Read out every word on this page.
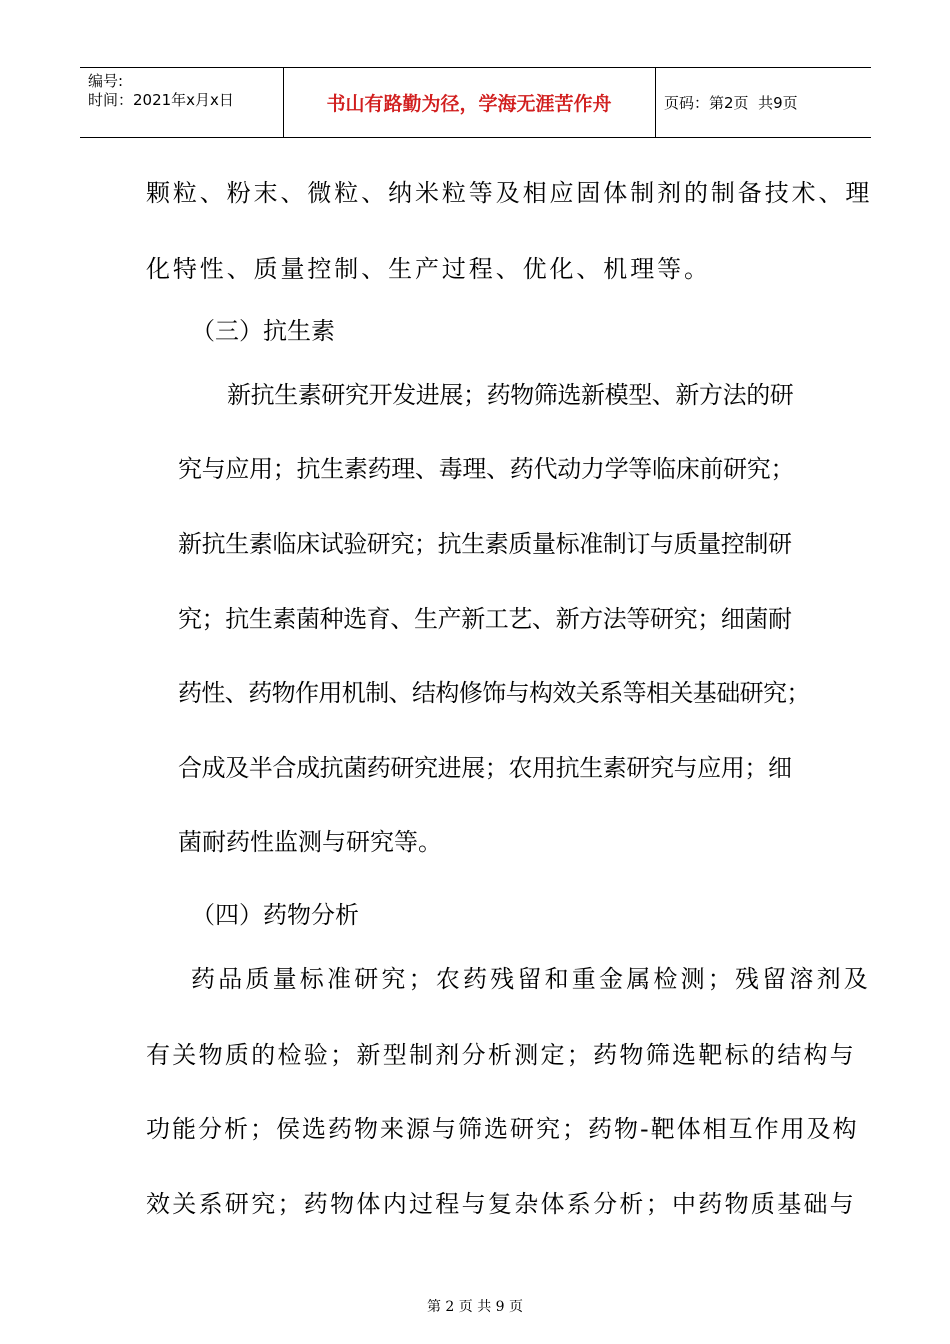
编号:
时间：2021年x月x日	书山有路勤为径，学海无涯苦作舟	页码：第2页  共9页
颗粒、粉末、微粒、纳米粒等及相应固体制剂的制备技术、理
化特性、质量控制、生产过程、优化、机理等。
（三）抗生素
新抗生素研究开发进展；药物筛选新模型、新方法的研
究与应用；抗生素药理、毒理、药代动力学等临床前研究；
新抗生素临床试验研究；抗生素质量标准制订与质量控制研
究；抗生素菌种选育、生产新工艺、新方法等研究；细菌耐
药性、药物作用机制、结构修饰与构效关系等相关基础研究；
合成及半合成抗菌药研究进展；农用抗生素研究与应用；细
菌耐药性监测与研究等。
（四）药物分析
药品质量标准研究；农药残留和重金属检测；残留溶剂及
有关物质的检验；新型制剂分析测定；药物筛选靶标的结构与
功能分析；侯选药物来源与筛选研究；药物-靶体相互作用及构
效关系研究；药物体内过程与复杂体系分析；中药物质基础与
第 2 页 共 9 页
